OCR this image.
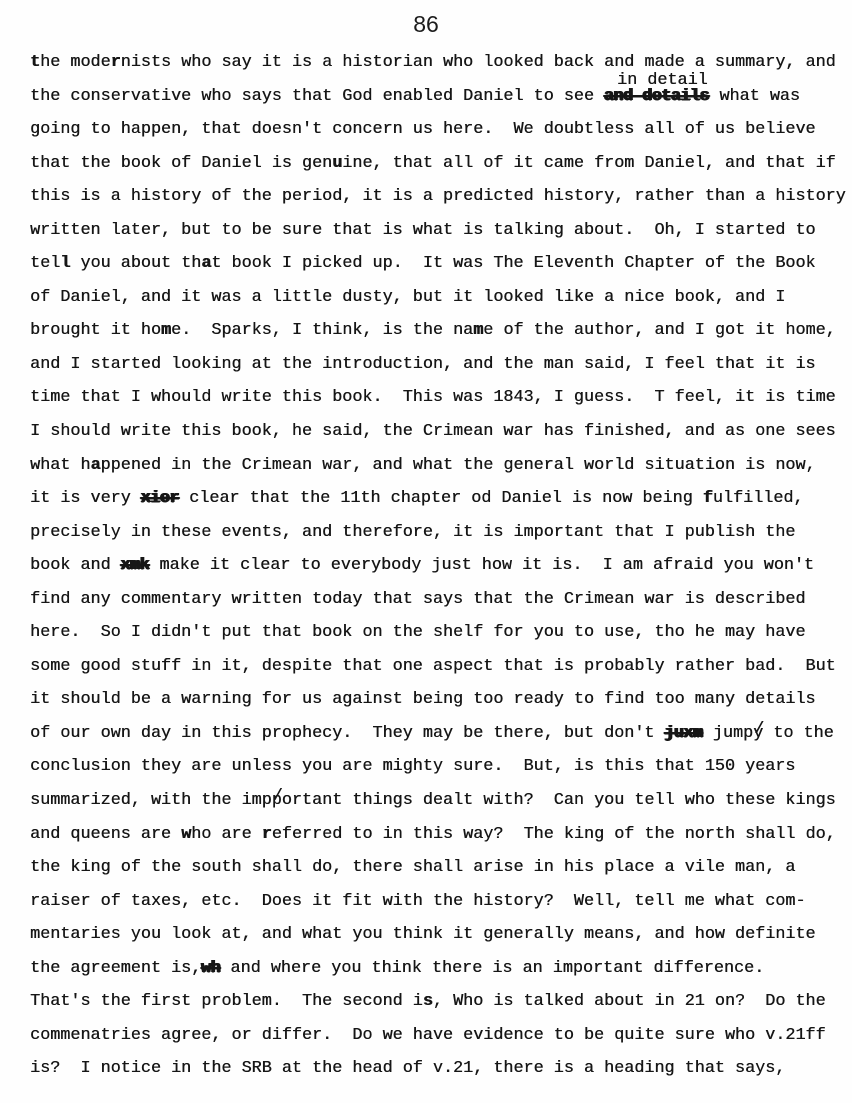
86
in detail
the modernists who say it is a historian who looked back and made a summary, and
the conservative who says that God enabled Daniel to see and details what was
going to happen, that doesn't concern us here.  We doubtless all of us believe
that the book of Daniel is genuine, that all of it came from Daniel, and that if
this is a history of the period, it is a predicted history, rather than a history
written later, but to be sure that is what is talking about.  Oh, I started to
tell you about that book I picked up.  It was The Eleventh Chapter of the Book
of Daniel, and it was a little dusty, but it looked like a nice book, and I
brought it home.  Sparks, I think, is the name of the author, and I got it home,
and I started looking at the introduction, and the man said, I feel that it is
time that I whould write this book.  This was 1843, I guess.  T feel, it is time
I should write this book, he said, the Crimean war has finished, and as one sees
what happened in the Crimean war, and what the general world situation is now,
it is very xier clear that the 11th chapter od Daniel is now being fulfilled,
precisely in these events, and therefore, it is important that I publish the
book and xmk make it clear to everybody just how it is.  I am afraid you won't
find any commentary written today that says that the Crimean war is described
here.  So I didn't put that book on the shelf for you to use, tho he may have
some good stuff in it, despite that one aspect that is probably rather bad.  But
it should be a warning for us against being too ready to find too many details
of our own day in this prophecy.  They may be there, but don't juxm jumpy / to the
conclusion they are unless you are mighty sure.  But, is this that 150 years
summarized, with the impp /ortant things dealt with?  Can you tell who these kings
and queens are who are referred to in this way?  The king of the north shall do,
the king of the south shall do, there shall arise in his place a vile man, a
raiser of taxes, etc.  Does it fit with the history?  Well, tell me what com-
mentaries you look at, and what you think it generally means, and how definite
the agreement is,wh and where you think there is an important difference.
That's the first problem.  The second is, Who is talked about in 21 on?  Do the
commenatries agree, or differ.  Do we have evidence to be quite sure who v.21ff
is?  I notice in the SRB at the head of v.21, there is a heading that says,
